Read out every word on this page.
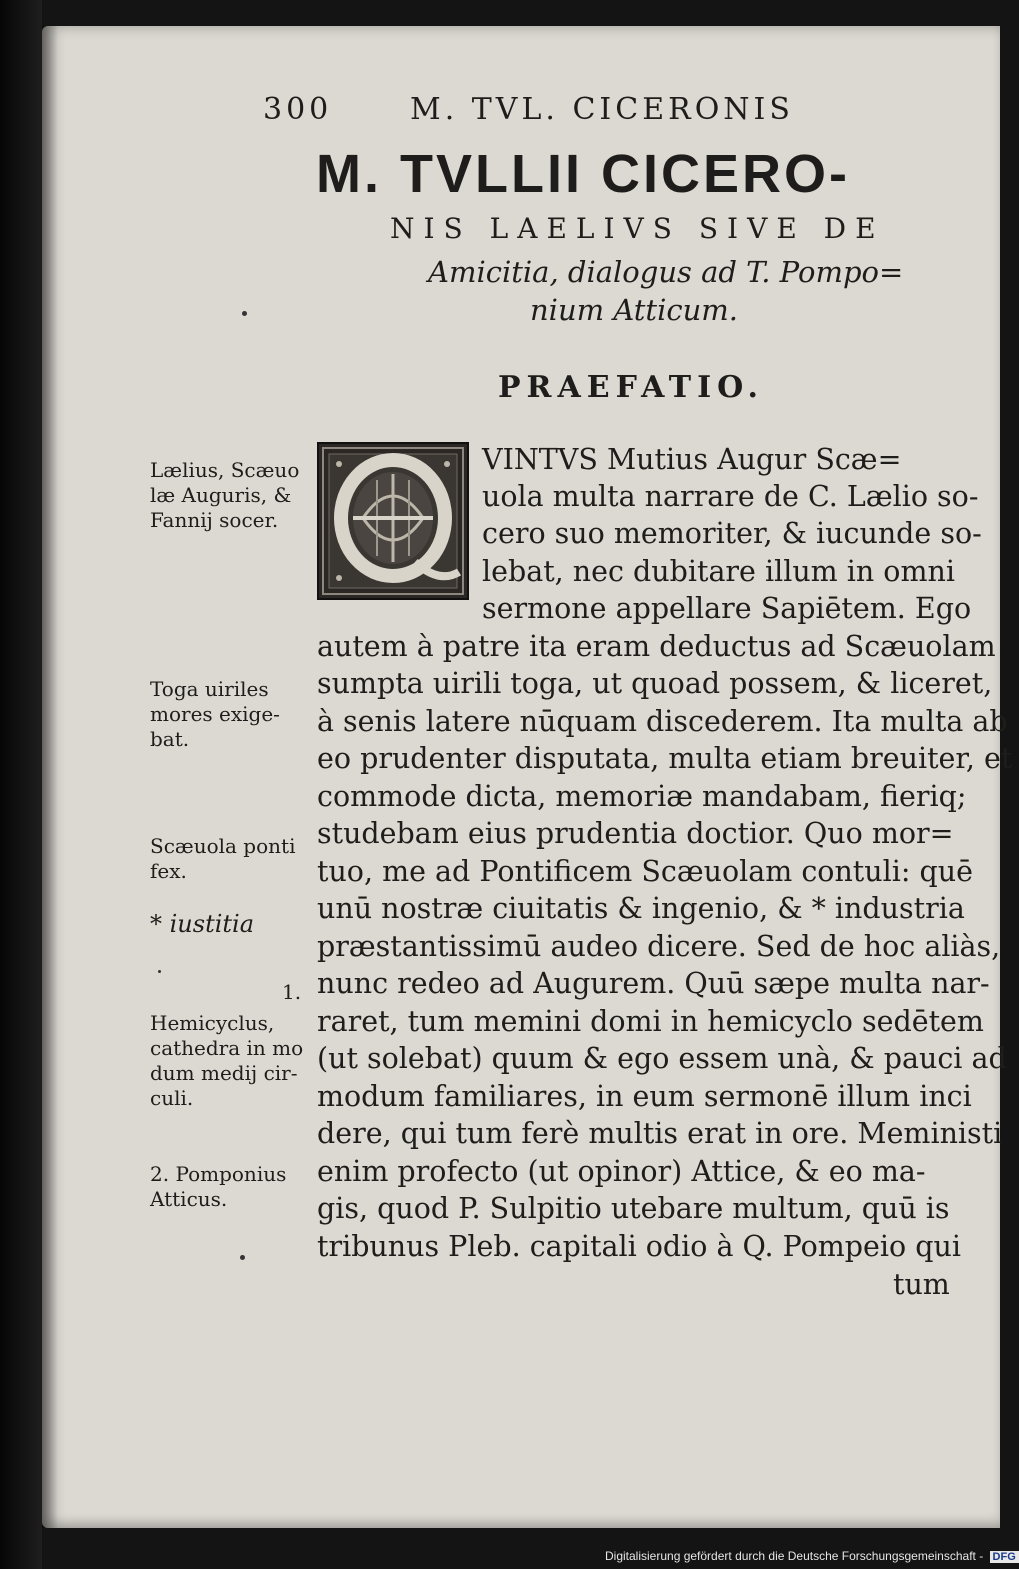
300	M. TVL. CICERONIS
M. TVLLII CICERO-
NIS LAELIVS SIVE DE
Amicitia, dialogus ad T. Pompo=
nium Atticum.
PRAEFATIO.
VINTVS Mutius Augur Scæ=
uola multa narrare de C. Lælio so-
cero suo memoriter, & iucunde so-
lebat, nec dubitare illum in omni
sermone appellare Sapiētem. Ego
autem à patre ita eram deductus ad Scæuolam
sumpta uirili toga, ut quoad possem, & liceret,
à senis latere nūquam discederem. Ita multa ab
eo prudenter disputata, multa etiam breuiter, et
commode dicta, memoriæ mandabam, fieriq;
studebam eius prudentia doctior. Quo mor=
tuo, me ad Pontificem Scæuolam contuli: quē
unū nostræ ciuitatis & ingenio, & * industria
præstantissimū audeo dicere. Sed de hoc aliàs,
nunc redeo ad Augurem. Quū sæpe multa nar-
raret, tum memini domi in hemicyclo sedētem
(ut solebat) quum & ego essem unà, & pauci ad
modum familiares, in eum sermonē illum inci
dere, qui tum ferè multis erat in ore. Meministi
enim profecto (ut opinor) Attice, & eo ma-
gis, quod P. Sulpitio utebare multum, quū is
tribunus Pleb. capitali odio à Q. Pompeio qui
tum
Lælius, Scæuo
læ Auguris, &
Fannij socer.
Toga uiriles
mores exige-
bat.
Scæuola ponti
fex.
* iustitia
1.
Hemicyclus,
cathedra in mo
dum medij cir-
culi.
2. Pomponius
Atticus.
Digitalisierung gefördert durch die Deutsche Forschungsgemeinschaft - DFG
